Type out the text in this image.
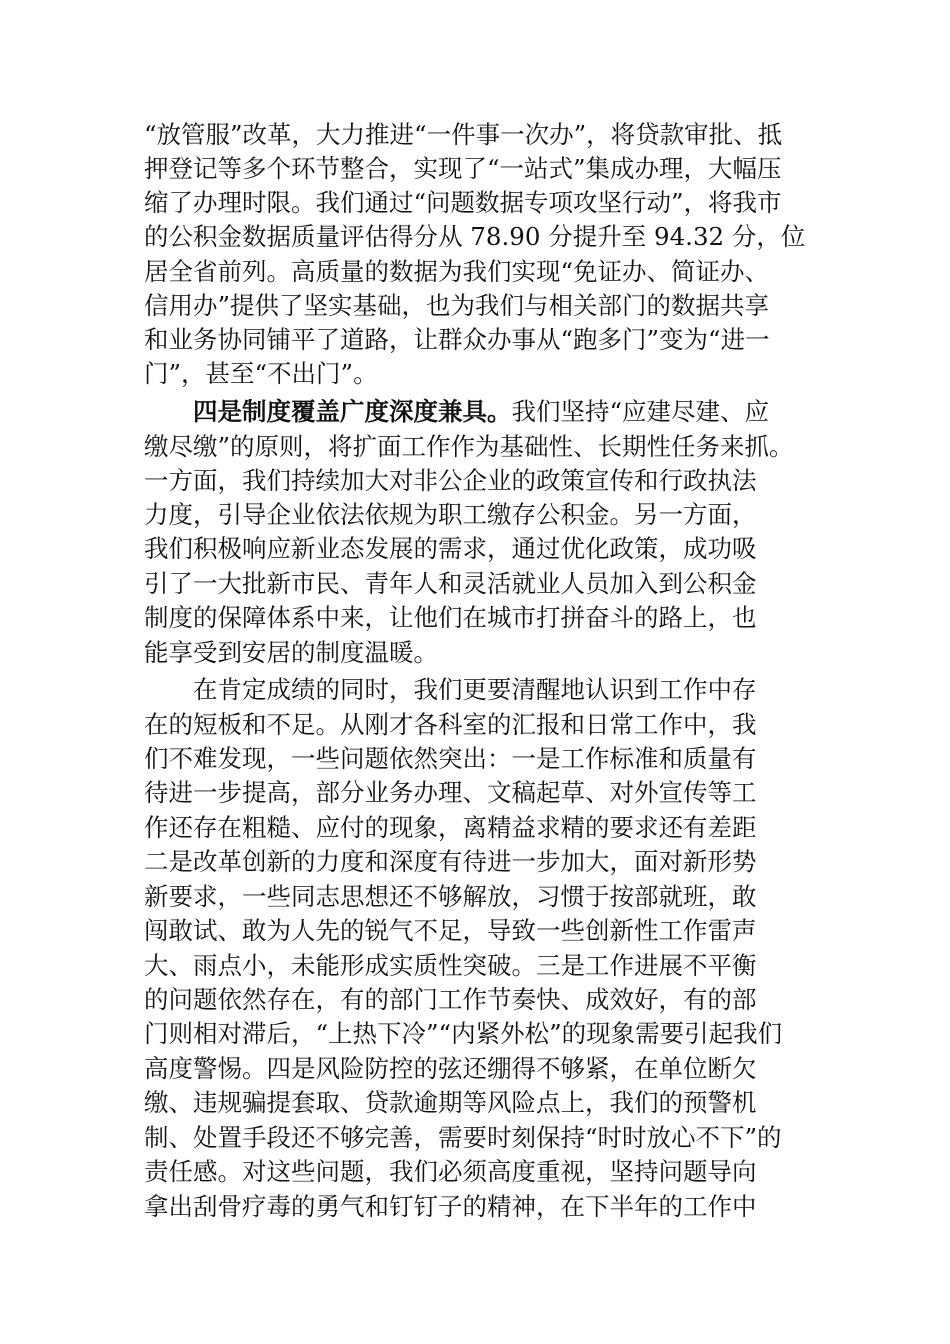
“放管服”改革，大力推进“一件事一次办”，将贷款审批、抵
押登记等多个环节整合，实现了“一站式”集成办理，大幅压
缩了办理时限。我们通过“问题数据专项攻坚行动”，将我市
的公积金数据质量评估得分从 78.90 分提升至 94.32 分，位
居全省前列。高质量的数据为我们实现“免证办、简证办、
信用办”提供了坚实基础，也为我们与相关部门的数据共享
和业务协同铺平了道路，让群众办事从“跑多门”变为“进一
门”，甚至“不出门”。
四是制度覆盖广度深度兼具。我们坚持“应建尽建、应
缴尽缴”的原则，将扩面工作作为基础性、长期性任务来抓。
一方面，我们持续加大对非公企业的政策宣传和行政执法
力度，引导企业依法依规为职工缴存公积金。另一方面，
我们积极响应新业态发展的需求，通过优化政策，成功吸
引了一大批新市民、青年人和灵活就业人员加入到公积金
制度的保障体系中来，让他们在城市打拼奋斗的路上，也
能享受到安居的制度温暖。
在肯定成绩的同时，我们更要清醒地认识到工作中存
在的短板和不足。从刚才各科室的汇报和日常工作中，我
们不难发现，一些问题依然突出：一是工作标准和质量有
待进一步提高，部分业务办理、文稿起草、对外宣传等工
作还存在粗糙、应付的现象，离精益求精的要求还有差距
二是改革创新的力度和深度有待进一步加大，面对新形势
新要求，一些同志思想还不够解放，习惯于按部就班，敢
闯敢试、敢为人先的锐气不足，导致一些创新性工作雷声
大、雨点小，未能形成实质性突破。三是工作进展不平衡
的问题依然存在，有的部门工作节奏快、成效好，有的部
门则相对滞后，“上热下冷”“内紧外松”的现象需要引起我们
高度警惕。四是风险防控的弦还绷得不够紧，在单位断欠
缴、违规骗提套取、贷款逾期等风险点上，我们的预警机
制、处置手段还不够完善，需要时刻保持“时时放心不下”的
责任感。对这些问题，我们必须高度重视，坚持问题导向
拿出刮骨疗毒的勇气和钉钉子的精神，在下半年的工作中
